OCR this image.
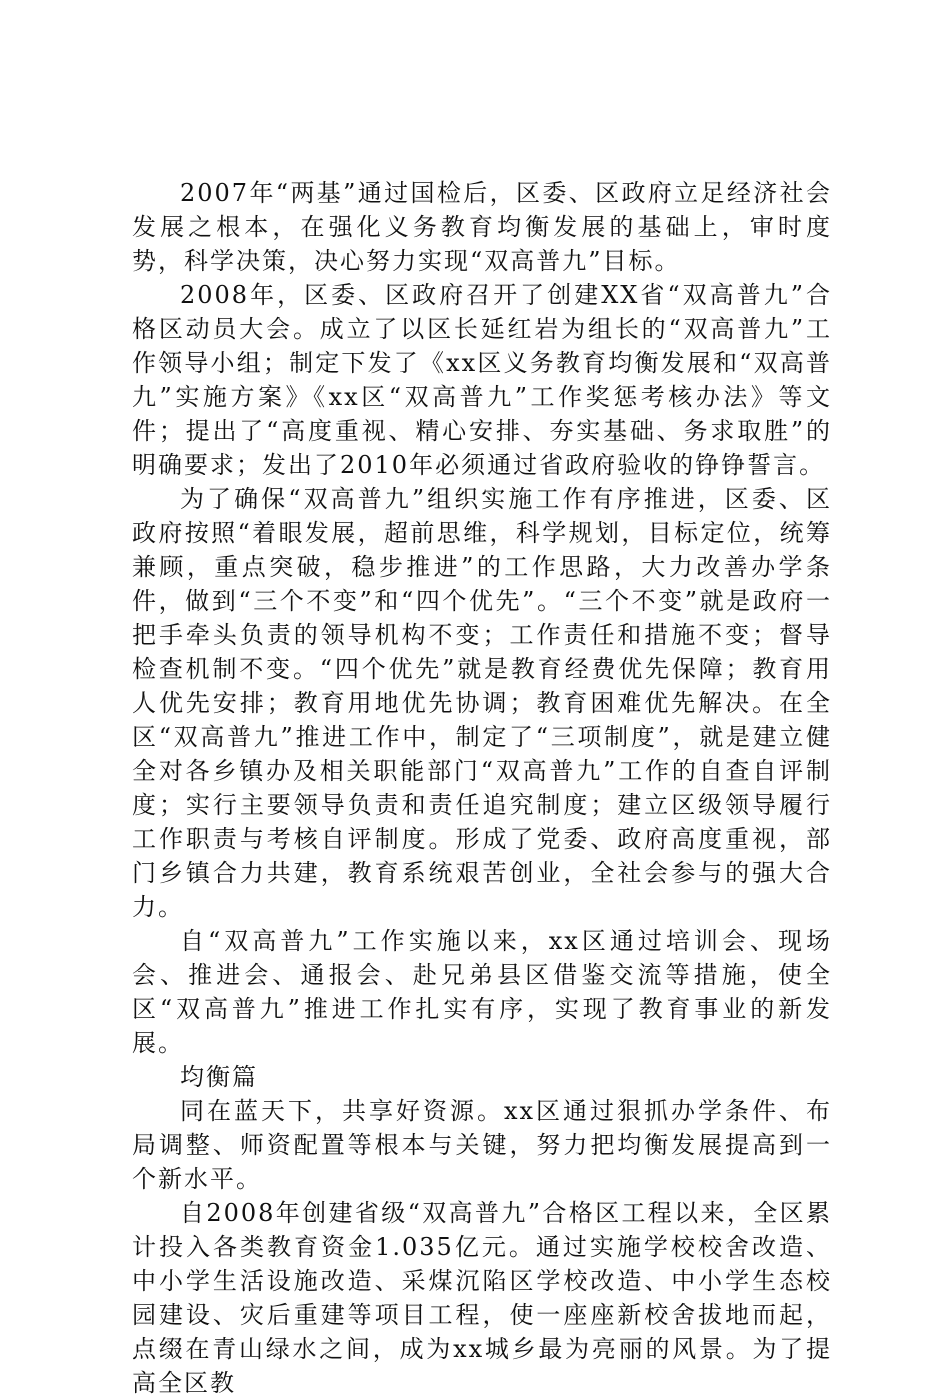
2007年“两基”通过国检后，区委、区政府立足经济社会发展之根本，在强化义务教育均衡发展的基础上，审时度势，科学决策，决心努力实现“双高普九”目标。

2008年，区委、区政府召开了创建XX省“双高普九”合格区动员大会。成立了以区长延红岩为组长的“双高普九”工作领导小组；制定下发了《xx区义务教育均衡发展和“双高普九”实施方案》《xx区“双高普九”工作奖惩考核办法》等文件；提出了“高度重视、精心安排、夯实基础、务求取胜”的明确要求；发出了2010年必须通过省政府验收的铮铮誓言。

为了确保“双高普九”组织实施工作有序推进，区委、区政府按照“着眼发展，超前思维，科学规划，目标定位，统筹兼顾，重点突破，稳步推进”的工作思路，大力改善办学条件，做到“三个不变”和“四个优先”。“三个不变”就是政府一把手牵头负责的领导机构不变；工作责任和措施不变；督导检查机制不变。“四个优先”就是教育经费优先保障；教育用人优先安排；教育用地优先协调；教育困难优先解决。在全区“双高普九”推进工作中，制定了“三项制度”，就是建立健全对各乡镇办及相关职能部门“双高普九”工作的自查自评制度；实行主要领导负责和责任追究制度；建立区级领导履行工作职责与考核自评制度。形成了党委、政府高度重视，部门乡镇合力共建，教育系统艰苦创业，全社会参与的强大合力。

自“双高普九”工作实施以来，xx区通过培训会、现场会、推进会、通报会、赴兄弟县区借鉴交流等措施，使全区“双高普九”推进工作扎实有序，实现了教育事业的新发展。

均衡篇

同在蓝天下，共享好资源。xx区通过狠抓办学条件、布局调整、师资配置等根本与关键，努力把均衡发展提高到一个新水平。

自2008年创建省级“双高普九”合格区工程以来，全区累计投入各类教育资金1.035亿元。通过实施学校校舍改造、中小学生活设施改造、采煤沉陷区学校改造、中小学生态校园建设、灾后重建等项目工程，使一座座新校舍拔地而起，点缀在青山绿水之间，成为xx城乡最为亮丽的风景。为了提高全区教
